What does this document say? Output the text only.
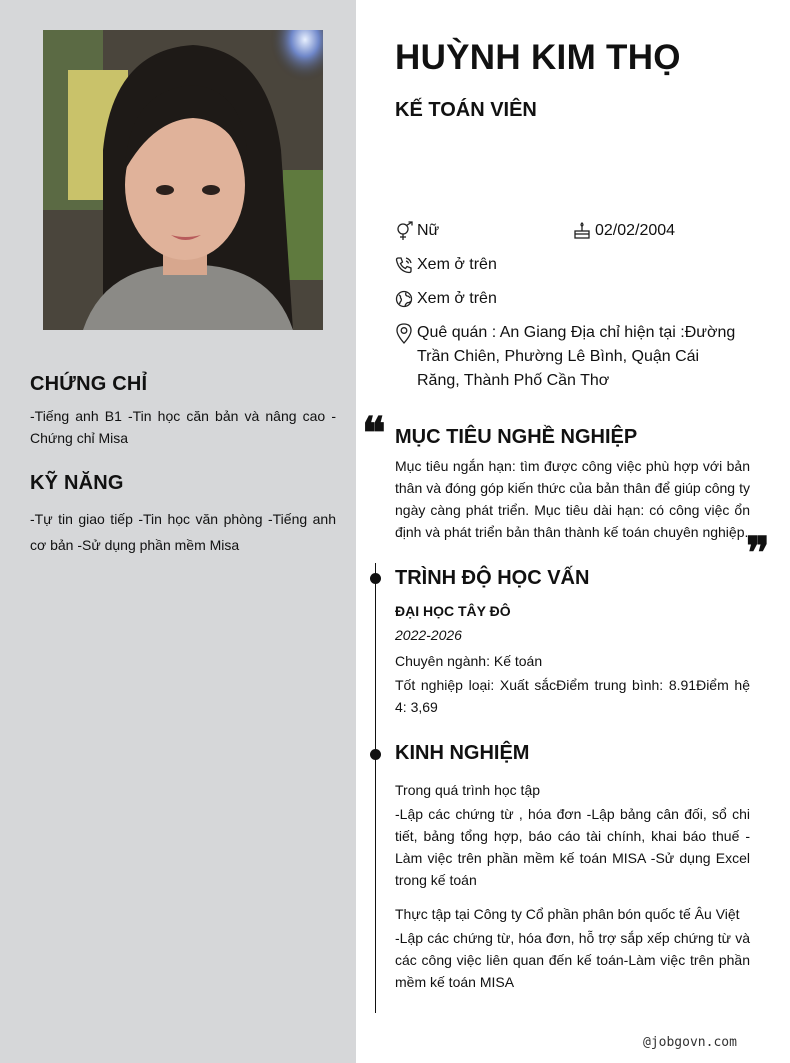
CHỨNG CHỈ
-Tiếng anh B1 -Tin học căn bản và nâng cao -Chứng chỉ Misa
KỸ NĂNG
-Tự tin giao tiếp -Tin học văn phòng -Tiếng anh cơ bản -Sử dụng phần mềm Misa
HUỲNH KIM THỌ
KẾ TOÁN VIÊN
Nữ	02/02/2004
Xem ở trên
Xem ở trên
Quê quán : An Giang Địa chỉ hiện tại :Đường Trần Chiên, Phường Lê Bình, Quận Cái Răng, Thành Phố Cần Thơ
❝ MỤC TIÊU NGHỀ NGHIỆP
Mục tiêu ngắn hạn: tìm được công việc phù hợp với bản thân và đóng góp kiến thức của bản thân để giúp công ty ngày càng phát triển. Mục tiêu dài hạn: có công việc ổn định và phát triển bản thân thành kế toán chuyên nghiệp.
❞
TRÌNH ĐỘ HỌC VẤN
ĐẠI HỌC TÂY ĐÔ
2022-2026
Chuyên ngành: Kế toán
Tốt nghiệp loại: Xuất sắcĐiểm trung bình: 8.91Điểm hệ 4: 3,69
KINH NGHIỆM
Trong quá trình học tập
-Lập các chứng từ , hóa đơn -Lập bảng cân đối, sổ chi tiết, bảng tổng hợp, báo cáo tài chính, khai báo thuế -Làm việc trên phần mềm kế toán MISA -Sử dụng Excel trong kế toán
Thực tập tại Công ty Cổ phần phân bón quốc tế Âu Việt
-Lập các chứng từ, hóa đơn, hỗ trợ sắp xếp chứng từ và các công việc liên quan đến kế toán-Làm việc trên phần mềm kế toán MISA
@jobgovn.com
